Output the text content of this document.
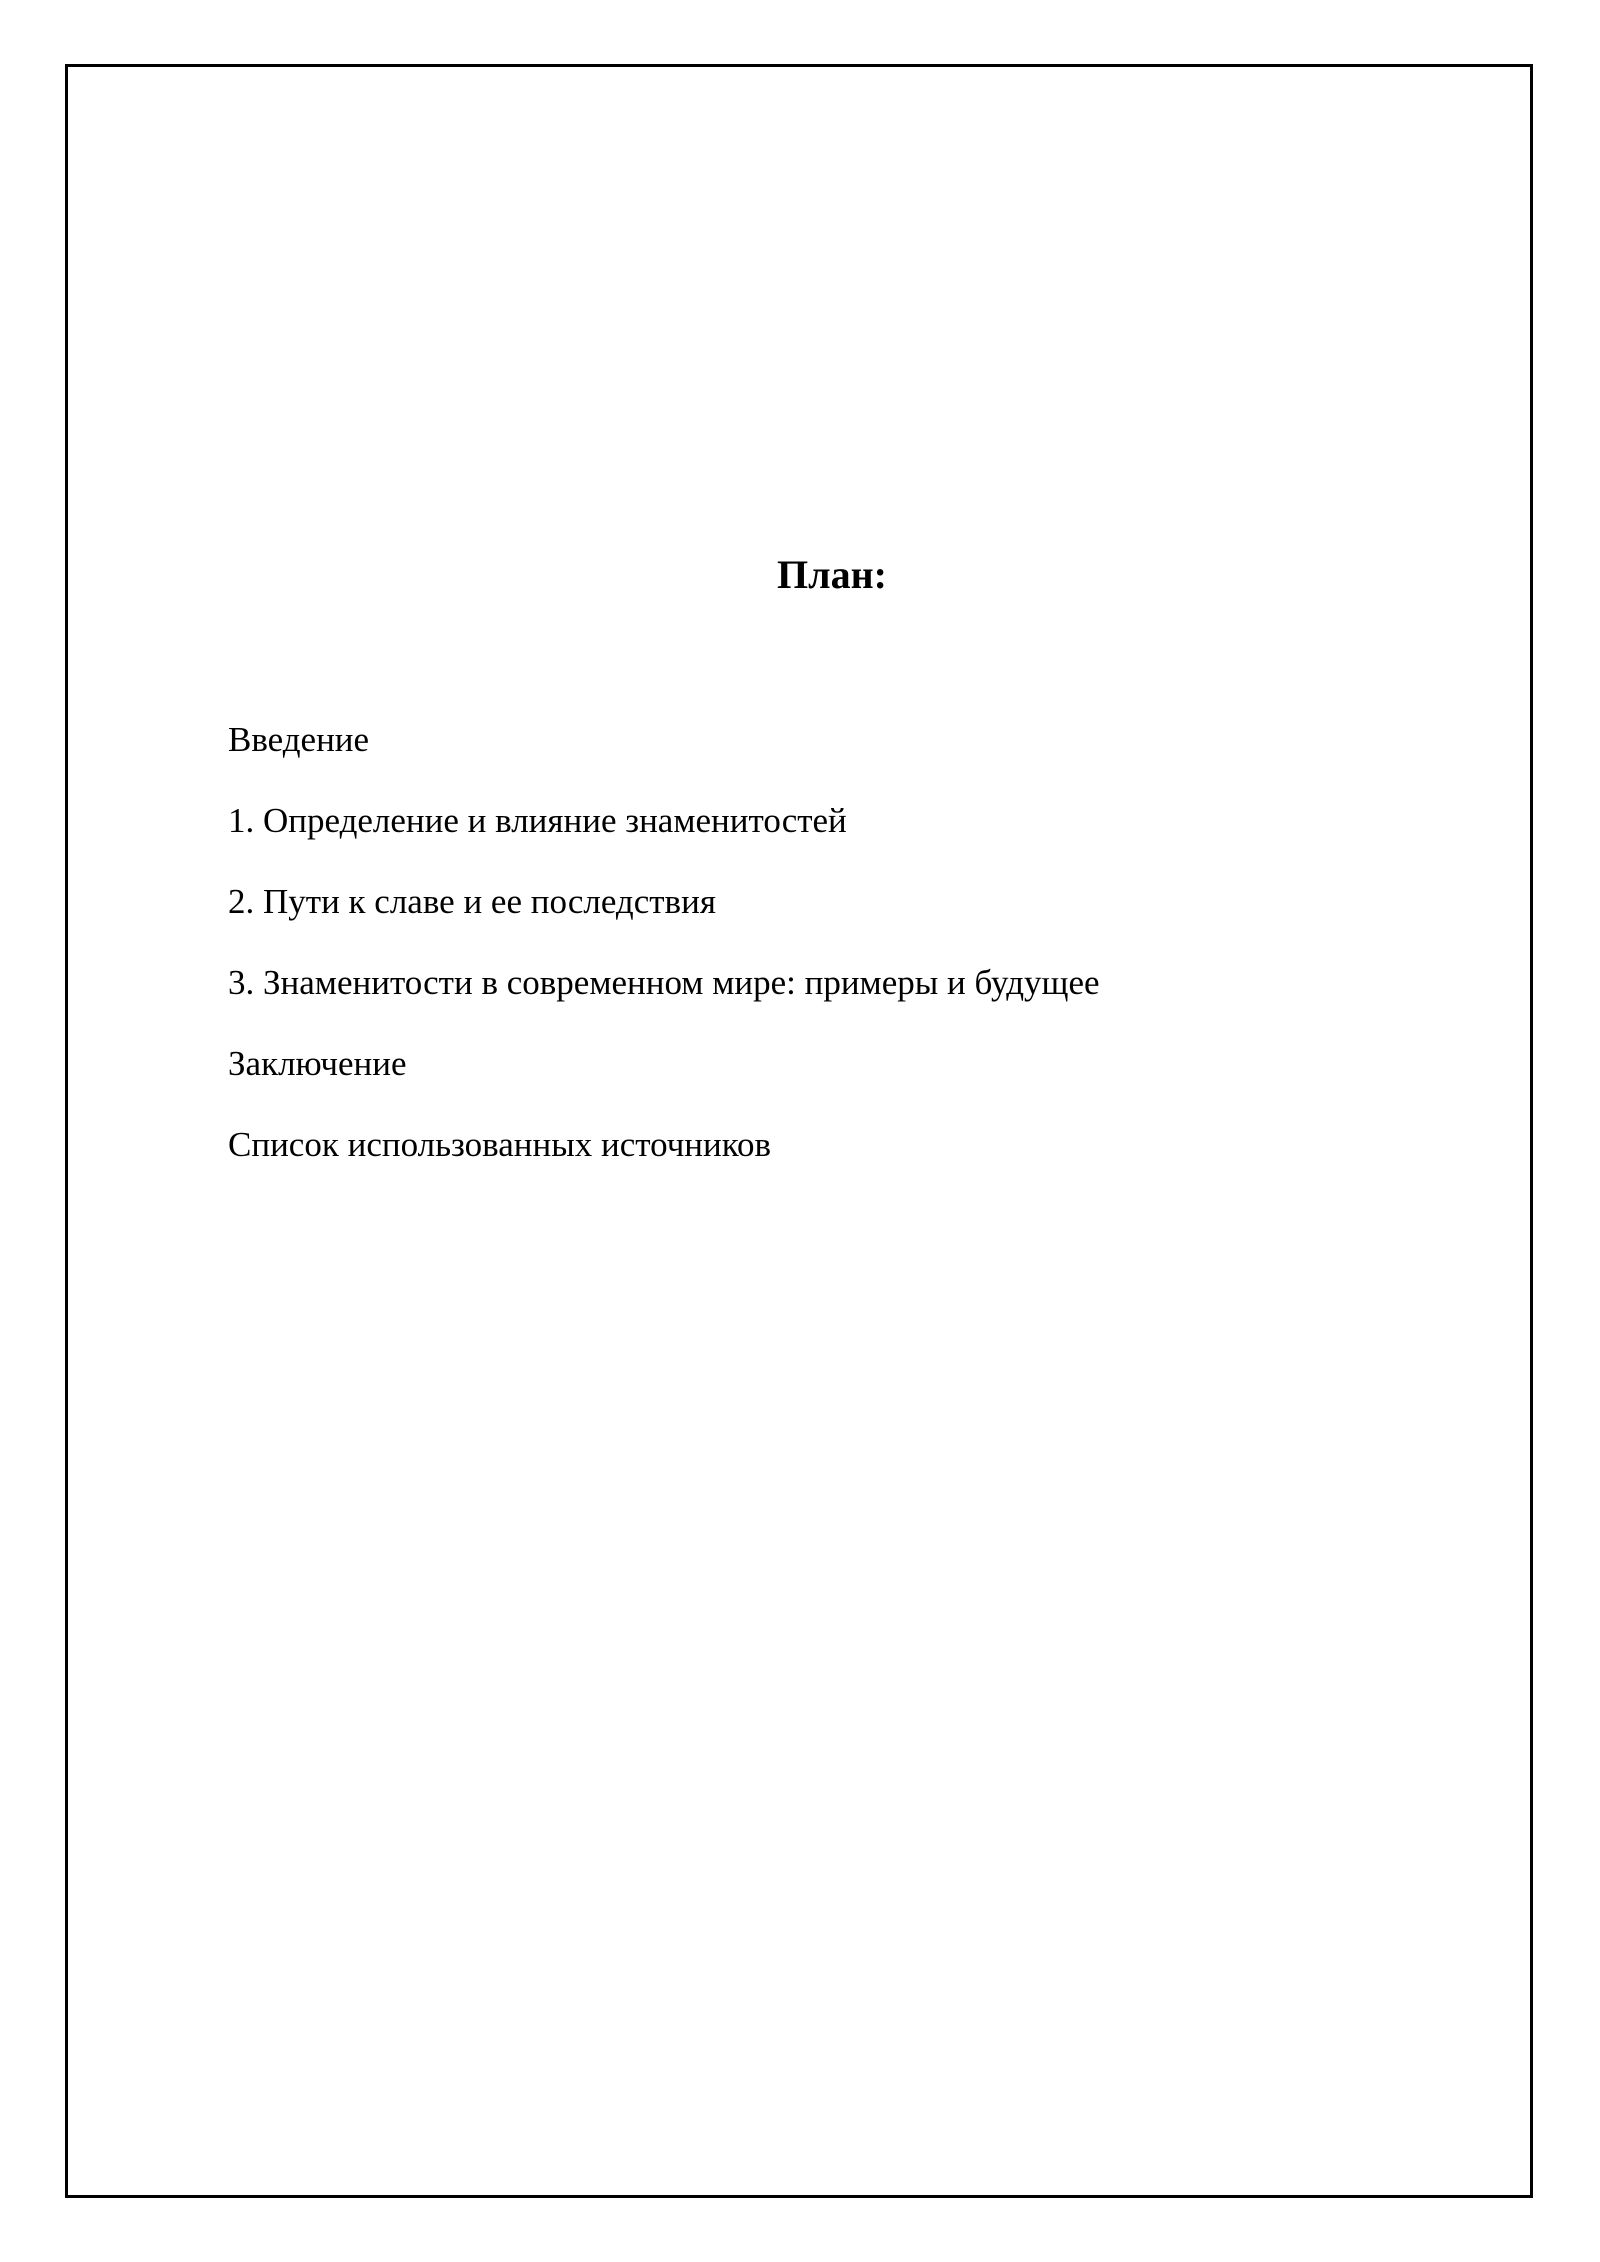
План:
Введение
1. Определение и влияние знаменитостей
2. Пути к славе и ее последствия
3. Знаменитости в современном мире: примеры и будущее
Заключение
Список использованных источников
